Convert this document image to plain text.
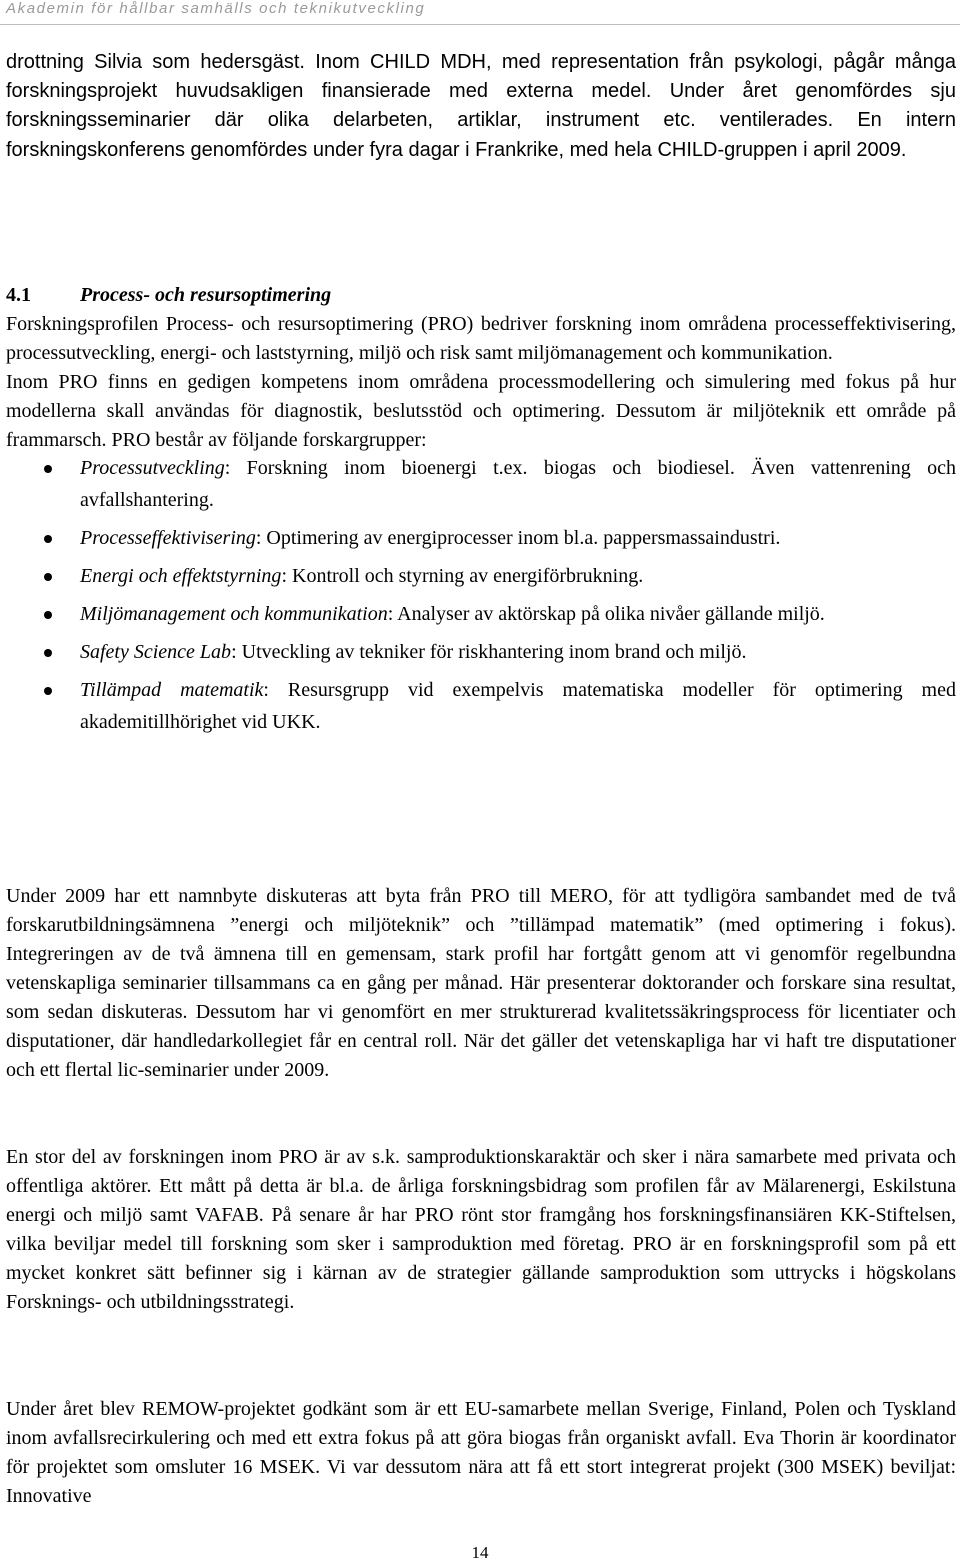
Akademin för hållbar samhälls och teknikutveckling

drottning Silvia som hedersgäst. Inom CHILD MDH, med representation från psykologi, pågår många forskningsprojekt huvudsakligen finansierade med externa medel. Under året genomfördes sju forskningsseminarier där olika delarbeten, artiklar, instrument etc. ventilerades. En intern forskningskonferens genomfördes under fyra dagar i Frankrike, med hela CHILD-gruppen i april 2009.

4.1 Process- och resursoptimering

Forskningsprofilen Process- och resursoptimering (PRO) bedriver forskning inom områdena processeffektivisering, processutveckling, energi- och laststyrning, miljö och risk samt miljömanagement och kommunikation.

Inom PRO finns en gedigen kompetens inom områdena processmodellering och simulering med fokus på hur modellerna skall användas för diagnostik, beslutsstöd och optimering. Dessutom är miljöteknik ett område på frammarsch. PRO består av följande forskargrupper:

Processutveckling: Forskning inom bioenergi t.ex. biogas och biodiesel. Även vattenrening och avfallshantering.
Processeffektivisering: Optimering av energiprocesser inom bl.a. pappersmassaindustri.
Energi och effektstyrning: Kontroll och styrning av energiförbrukning.
Miljömanagement och kommunikation: Analyser av aktörskap på olika nivåer gällande miljö.
Safety Science Lab: Utveckling av tekniker för riskhantering inom brand och miljö.
Tillämpad matematik: Resursgrupp vid exempelvis matematiska modeller för optimering med akademitillhörighet vid UKK.

Under 2009 har ett namnbyte diskuteras att byta från PRO till MERO, för att tydligöra sambandet med de två forskarutbildningsämnena ”energi och miljöteknik” och ”tillämpad matematik” (med optimering i fokus). Integreringen av de två ämnena till en gemensam, stark profil har fortgått genom att vi genomför regelbundna vetenskapliga seminarier tillsammans ca en gång per månad. Här presenterar doktorander och forskare sina resultat, som sedan diskuteras. Dessutom har vi genomfört en mer strukturerad kvalitetssäkringsprocess för licentiater och disputationer, där handledarkollegiet får en central roll. När det gäller det vetenskapliga har vi haft tre disputationer och ett flertal lic-seminarier under 2009.

En stor del av forskningen inom PRO är av s.k. samproduktionskaraktär och sker i nära samarbete med privata och offentliga aktörer. Ett mått på detta är bl.a. de årliga forskningsbidrag som profilen får av Mälarenergi, Eskilstuna energi och miljö samt VAFAB. På senare år har PRO rönt stor framgång hos forskningsfinansiären KK-Stiftelsen, vilka beviljar medel till forskning som sker i samproduktion med företag. PRO är en forskningsprofil som på ett mycket konkret sätt befinner sig i kärnan av de strategier gällande samproduktion som uttrycks i högskolans Forsknings- och utbildningsstrategi.

Under året blev REMOW-projektet godkänt som är ett EU-samarbete mellan Sverige, Finland, Polen och Tyskland inom avfallsrecirkulering och med ett extra fokus på att göra biogas från organiskt avfall. Eva Thorin är koordinator för projektet som omsluter 16 MSEK. Vi var dessutom nära att få ett stort integrerat projekt (300 MSEK) beviljat: Innovative

14
